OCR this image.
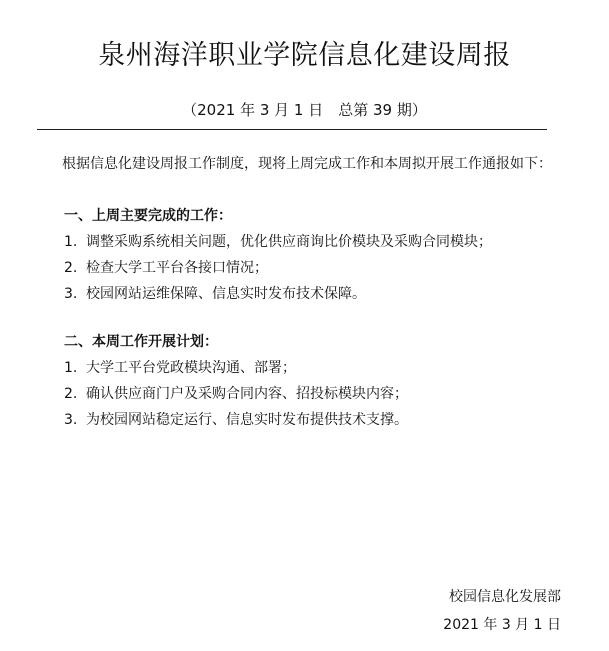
泉州海洋职业学院信息化建设周报
（2021 年 3 月 1 日　总第 39 期）
根据信息化建设周报工作制度，现将上周完成工作和本周拟开展工作通报如下：
一、上周主要完成的工作：
1. 调整采购系统相关问题，优化供应商询比价模块及采购合同模块；
2. 检查大学工平台各接口情况；
3. 校园网站运维保障、信息实时发布技术保障。
二、本周工作开展计划：
1. 大学工平台党政模块沟通、部署；
2. 确认供应商门户及采购合同内容、招投标模块内容；
3. 为校园网站稳定运行、信息实时发布提供技术支撑。
校园信息化发展部
2021 年 3 月 1 日
